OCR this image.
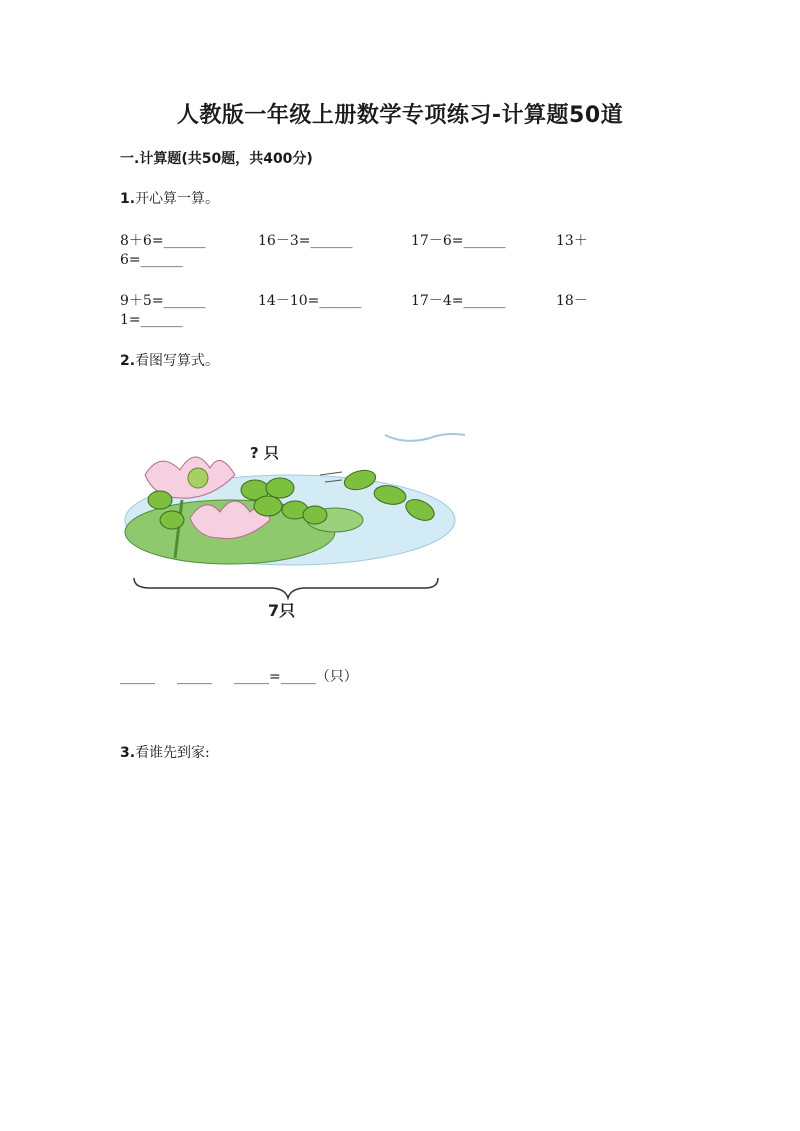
人教版一年级上册数学专项练习-计算题50道
一.计算题(共50题，共400分)
1.开心算一算。
8＋6=______	16－3=______	17－6=______	13＋
6=______
9＋5=______	14－10=______	17－4=______	18－
1=______
2.看图写算式。
? 只
7只
_____ _____ _____=_____（只）
3.看谁先到家:
